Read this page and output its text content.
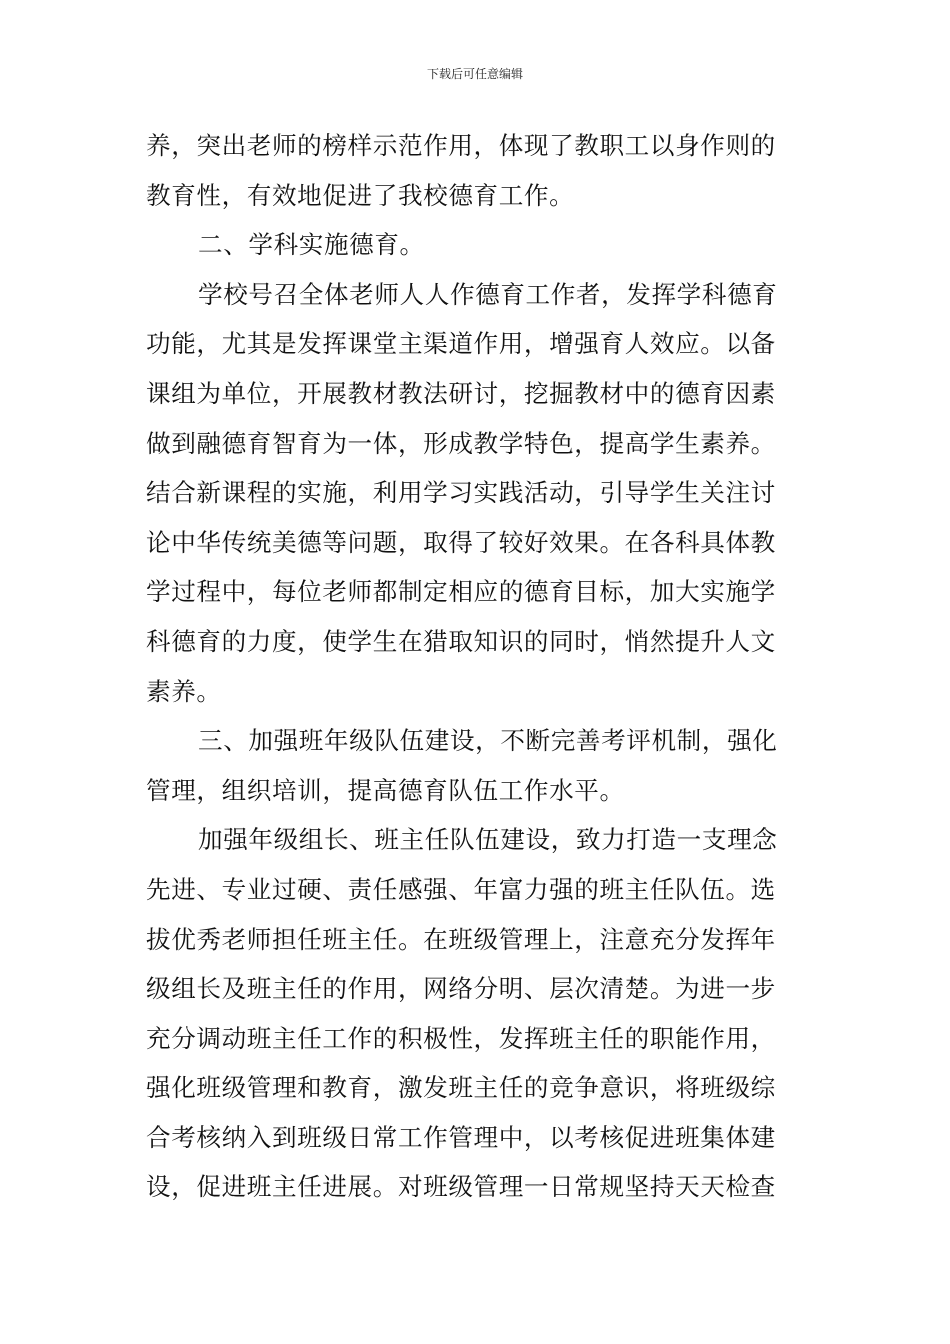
下载后可任意编辑
养，突出老师的榜样示范作用，体现了教职工以身作则的
教育性，有效地促进了我校德育工作。
二、学科实施德育。
学校号召全体老师人人作德育工作者，发挥学科德育
功能，尤其是发挥课堂主渠道作用，增强育人效应。以备
课组为单位，开展教材教法研讨，挖掘教材中的德育因素
做到融德育智育为一体，形成教学特色，提高学生素养。
结合新课程的实施，利用学习实践活动，引导学生关注讨
论中华传统美德等问题，取得了较好效果。在各科具体教
学过程中，每位老师都制定相应的德育目标，加大实施学
科德育的力度，使学生在猎取知识的同时，悄然提升人文
素养。
三、加强班年级队伍建设，不断完善考评机制，强化
管理，组织培训，提高德育队伍工作水平。
加强年级组长、班主任队伍建设，致力打造一支理念
先进、专业过硬、责任感强、年富力强的班主任队伍。选
拔优秀老师担任班主任。在班级管理上，注意充分发挥年
级组长及班主任的作用，网络分明、层次清楚。为进一步
充分调动班主任工作的积极性，发挥班主任的职能作用，
强化班级管理和教育，激发班主任的竞争意识，将班级综
合考核纳入到班级日常工作管理中，以考核促进班集体建
设，促进班主任进展。对班级管理一日常规坚持天天检查
